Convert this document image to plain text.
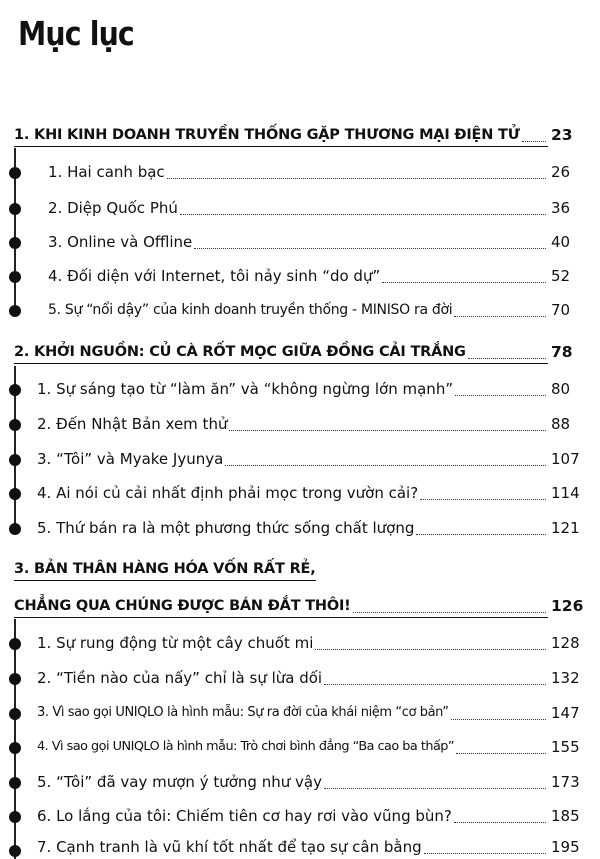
Mục lục
1. KHI KINH DOANH TRUYỀN THỐNG GẶP THƯƠNG MẠI ĐIỆN TỬ 23
1. Hai canh bạc	26
2. Diệp Quốc Phú	36
3. Online và Offline	40
4. Đối diện với Internet, tôi nảy sinh “do dự”	52
5. Sự “nổi dậy” của kinh doanh truyền thống - MINISO ra đời	70
2. KHỞI NGUỒN: CỦ CÀ RỐT MỌC GIỮA ĐỒNG CẢI TRẮNG	78
1. Sự sáng tạo từ “làm ăn” và “không ngừng lớn mạnh”	80
2. Đến Nhật Bản xem thử	88
3. “Tôi” và Myake Jyunya	107
4. Ai nói củ cải nhất định phải mọc trong vườn cải?	114
5. Thứ bán ra là một phương thức sống chất lượng	121
3. BẢN THÂN HÀNG HÓA VỐN RẤT RẺ,
CHẲNG QUA CHÚNG ĐƯỢC BÁN ĐẮT THÔI!	126
1. Sự rung động từ một cây chuốt mi	128
2. “Tiền nào của nấy” chỉ là sự lừa dối	132
3. Vì sao gọi UNIQLO là hình mẫu: Sự ra đời của khái niệm “cơ bản”	147
4. Vì sao gọi UNIQLO là hình mẫu: Trò chơi bình đẳng “Ba cao ba thấp”	155
5. “Tôi” đã vay mượn ý tưởng như vậy	173
6. Lo lắng của tôi: Chiếm tiên cơ hay rơi vào vũng bùn?	185
7. Cạnh tranh là vũ khí tốt nhất để tạo sự cân bằng	195
